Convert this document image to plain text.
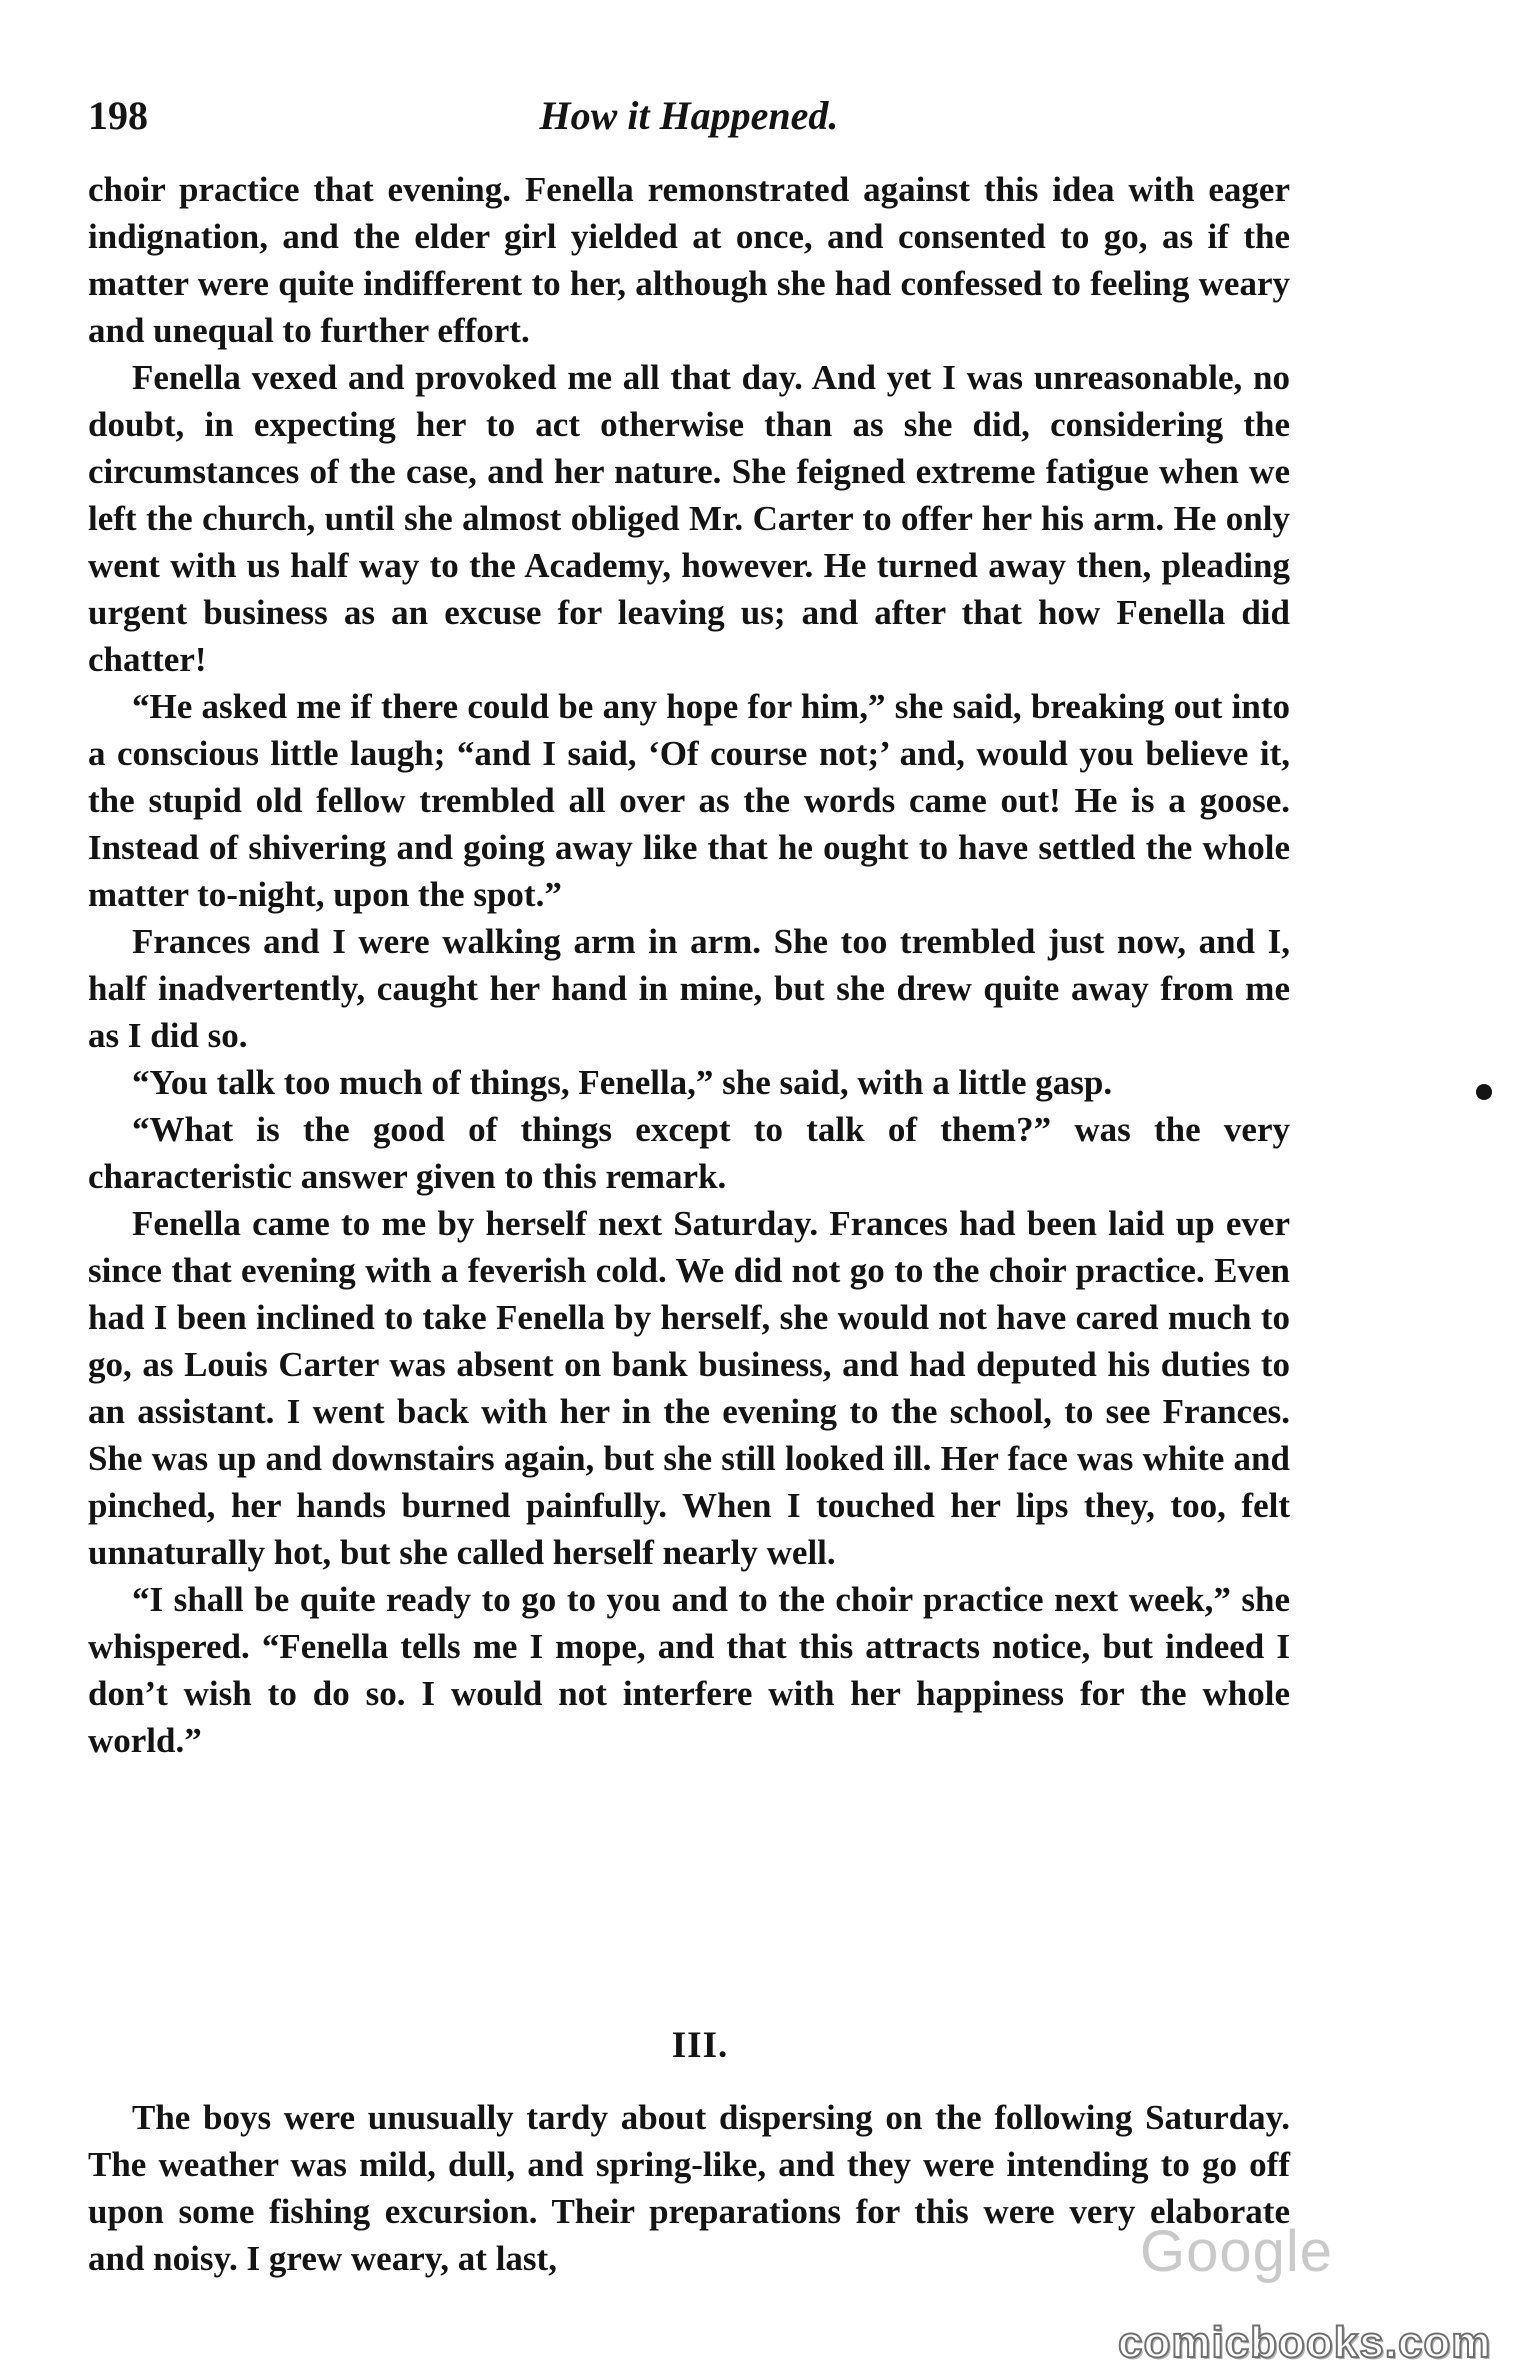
198	How it Happened.

choir practice that evening. Fenella remonstrated against this idea with eager indignation, and the elder girl yielded at once, and consented to go, as if the matter were quite indifferent to her, although she had confessed to feeling weary and unequal to further effort.

Fenella vexed and provoked me all that day. And yet I was unreasonable, no doubt, in expecting her to act otherwise than as she did, considering the circumstances of the case, and her nature. She feigned extreme fatigue when we left the church, until she almost obliged Mr. Carter to offer her his arm. He only went with us half way to the Academy, however. He turned away then, pleading urgent business as an excuse for leaving us; and after that how Fenella did chatter!

“He asked me if there could be any hope for him,” she said, breaking out into a conscious little laugh; “and I said, ‘Of course not;’ and, would you believe it, the stupid old fellow trembled all over as the words came out! He is a goose. Instead of shivering and going away like that he ought to have settled the whole matter to-night, upon the spot.”

Frances and I were walking arm in arm. She too trembled just now, and I, half inadvertently, caught her hand in mine, but she drew quite away from me as I did so.

“You talk too much of things, Fenella,” she said, with a little gasp.

“What is the good of things except to talk of them?” was the very characteristic answer given to this remark.

Fenella came to me by herself next Saturday. Frances had been laid up ever since that evening with a feverish cold. We did not go to the choir practice. Even had I been inclined to take Fenella by herself, she would not have cared much to go, as Louis Carter was absent on bank business, and had deputed his duties to an assistant. I went back with her in the evening to the school, to see Frances. She was up and downstairs again, but she still looked ill. Her face was white and pinched, her hands burned painfully. When I touched her lips they, too, felt unnaturally hot, but she called herself nearly well.

“I shall be quite ready to go to you and to the choir practice next week,” she whispered. “Fenella tells me I mope, and that this attracts notice, but indeed I don’t wish to do so. I would not interfere with her happiness for the whole world.”

III.

The boys were unusually tardy about dispersing on the following Saturday. The weather was mild, dull, and spring-like, and they were intending to go off upon some fishing excursion. Their preparations for this were very elaborate and noisy. I grew weary, at last,	Google
comicbooks.com
